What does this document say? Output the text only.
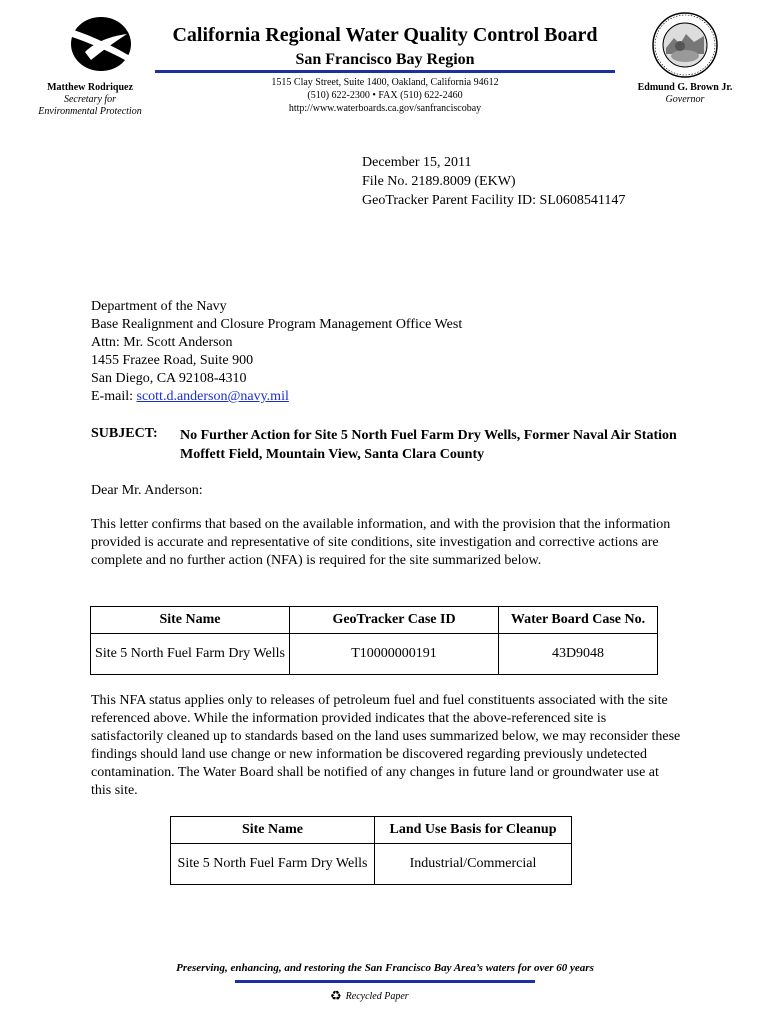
California Regional Water Quality Control Board
San Francisco Bay Region
1515 Clay Street, Suite 1400, Oakland, California 94612
(510) 622-2300 • FAX (510) 622-2460
http://www.waterboards.ca.gov/sanfranciscobay
Matthew Rodriquez
Secretary for
Environmental Protection
Edmund G. Brown Jr.
Governor
December 15, 2011
File No. 2189.8009 (EKW)
GeoTracker Parent Facility ID: SL0608541147
Department of the Navy
Base Realignment and Closure Program Management Office West
Attn: Mr. Scott Anderson
1455 Frazee Road, Suite 900
San Diego, CA 92108-4310
E-mail: scott.d.anderson@navy.mil
SUBJECT: No Further Action for Site 5 North Fuel Farm Dry Wells, Former Naval Air Station Moffett Field, Mountain View, Santa Clara County
Dear Mr. Anderson:
This letter confirms that based on the available information, and with the provision that the information provided is accurate and representative of site conditions, site investigation and corrective actions are complete and no further action (NFA) is required for the site summarized below.
Site Name	GeoTracker Case ID	Water Board Case No.
Site 5 North Fuel Farm Dry Wells	T10000000191	43D9048
This NFA status applies only to releases of petroleum fuel and fuel constituents associated with the site referenced above. While the information provided indicates that the above-referenced site is satisfactorily cleaned up to standards based on the land uses summarized below, we may reconsider these findings should land use change or new information be discovered regarding previously undetected contamination. The Water Board shall be notified of any changes in future land or groundwater use at this site.
Site Name	Land Use Basis for Cleanup
Site 5 North Fuel Farm Dry Wells	Industrial/Commercial
Preserving, enhancing, and restoring the San Francisco Bay Area’s waters for over 60 years
♻ Recycled Paper
